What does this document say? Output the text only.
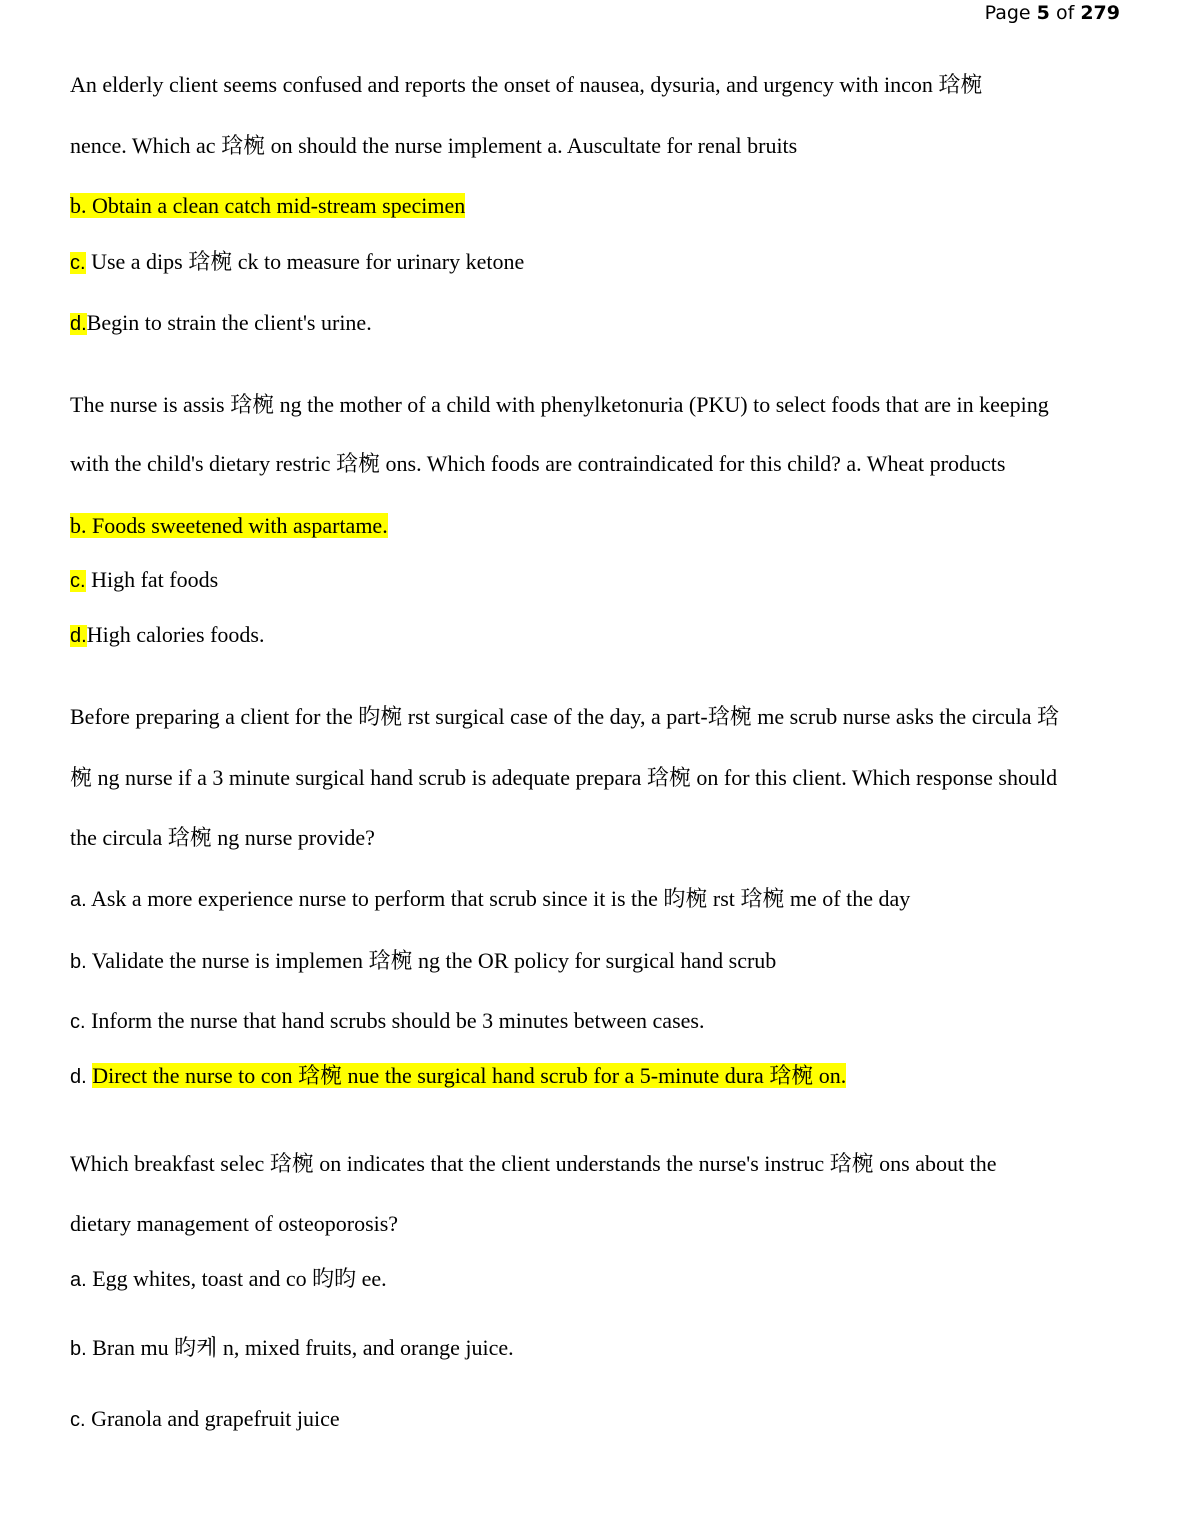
Page 5 of 279
An elderly client seems confused and reports the onset of nausea, dysuria, and urgency with incon 琀椀
nence. Which ac 琀椀 on should the nurse implement a. Auscultate for renal bruits
b. Obtain a clean catch mid-stream specimen
c. Use a dips 琀椀 ck to measure for urinary ketone
d.Begin to strain the client's urine.
The nurse is assis 琀椀 ng the mother of a child with phenylketonuria (PKU) to select foods that are in keeping
with the child's dietary restric 琀椀 ons. Which foods are contraindicated for this child? a. Wheat products
b. Foods sweetened with aspartame.
c. High fat foods
d.High calories foods.
Before preparing a client for the 昀椀 rst surgical case of the day, a part-琀椀 me scrub nurse asks the circula 琀
椀 ng nurse if a 3 minute surgical hand scrub is adequate prepara 琀椀 on for this client. Which response should
the circula 琀椀 ng nurse provide?
a. Ask a more experience nurse to perform that scrub since it is the 昀椀 rst 琀椀 me of the day
b. Validate the nurse is implemen 琀椀 ng the OR policy for surgical hand scrub
c. Inform the nurse that hand scrubs should be 3 minutes between cases.
d. Direct the nurse to con 琀椀 nue the surgical hand scrub for a 5-minute dura 琀椀 on.
Which breakfast selec 琀椀 on indicates that the client understands the nurse's instruc 琀椀 ons about the
dietary management of osteoporosis?
a. Egg whites, toast and co 昀昀 ee.
b. Bran mu 昀케 n, mixed fruits, and orange juice.
c. Granola and grapefruit juice
